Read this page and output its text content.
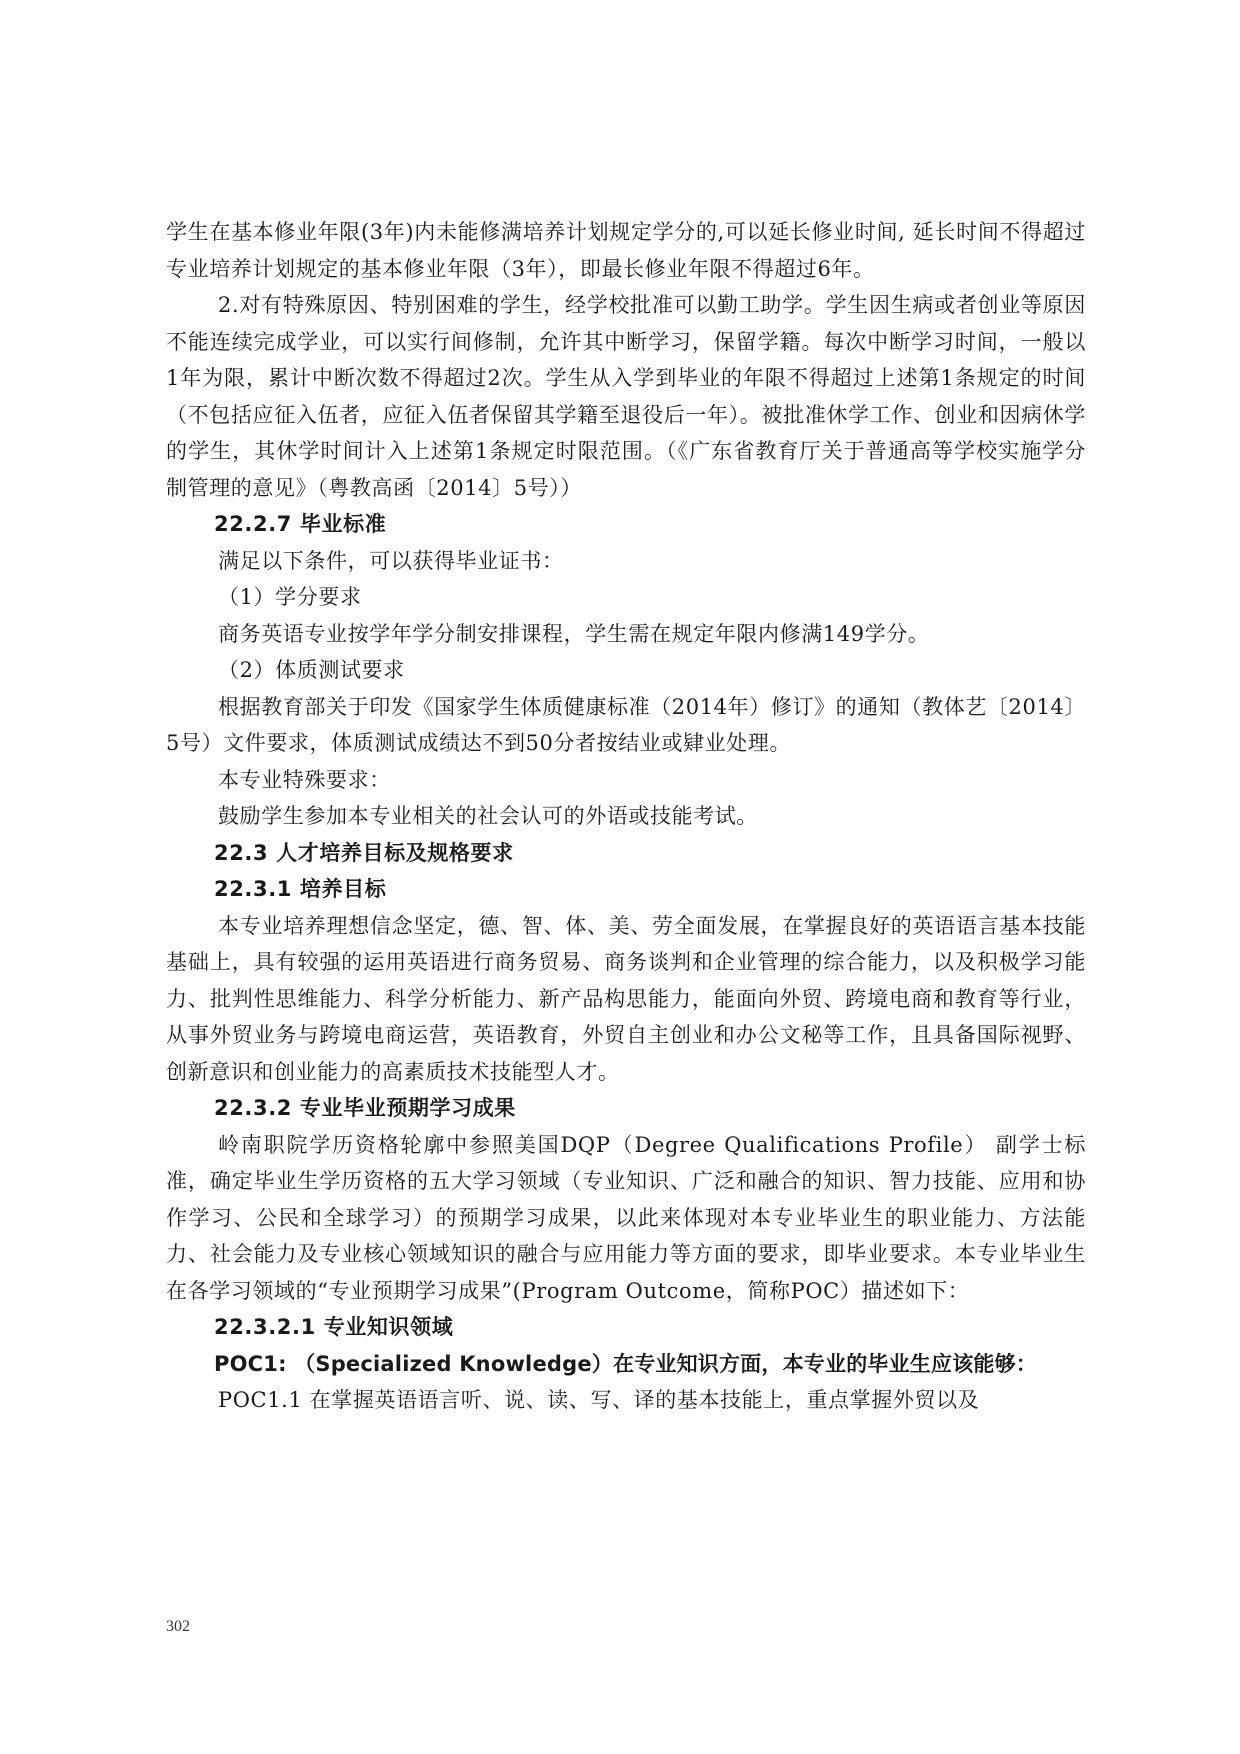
学生在基本修业年限(3年)内未能修满培养计划规定学分的,可以延长修业时间, 延长时间不得超过专业培养计划规定的基本修业年限（3年），即最长修业年限不得超过6年。

2.对有特殊原因、特别困难的学生，经学校批准可以勤工助学。学生因生病或者创业等原因不能连续完成学业，可以实行间修制，允许其中断学习，保留学籍。每次中断学习时间，一般以1年为限，累计中断次数不得超过2次。学生从入学到毕业的年限不得超过上述第1条规定的时间（不包括应征入伍者，应征入伍者保留其学籍至退役后一年）。被批准休学工作、创业和因病休学的学生，其休学时间计入上述第1条规定时限范围。（《广东省教育厅关于普通高等学校实施学分制管理的意见》（粤教高函〔2014〕5号））

22.2.7 毕业标准

满足以下条件，可以获得毕业证书：

（1）学分要求

商务英语专业按学年学分制安排课程，学生需在规定年限内修满149学分。

（2）体质测试要求

根据教育部关于印发《国家学生体质健康标准（2014年）修订》的通知（教体艺〔2014〕5号）文件要求，体质测试成绩达不到50分者按结业或肄业处理。

本专业特殊要求：

鼓励学生参加本专业相关的社会认可的外语或技能考试。

22.3 人才培养目标及规格要求

22.3.1 培养目标

本专业培养理想信念坚定，德、智、体、美、劳全面发展，在掌握良好的英语语言基本技能基础上，具有较强的运用英语进行商务贸易、商务谈判和企业管理的综合能力，以及积极学习能力、批判性思维能力、科学分析能力、新产品构思能力，能面向外贸、跨境电商和教育等行业，从事外贸业务与跨境电商运营，英语教育，外贸自主创业和办公文秘等工作，且具备国际视野、创新意识和创业能力的高素质技术技能型人才。

22.3.2 专业毕业预期学习成果

岭南职院学历资格轮廓中参照美国DQP（Degree Qualifications Profile） 副学士标准，确定毕业生学历资格的五大学习领域（专业知识、广泛和融合的知识、智力技能、应用和协作学习、公民和全球学习）的预期学习成果，以此来体现对本专业毕业生的职业能力、方法能力、社会能力及专业核心领域知识的融合与应用能力等方面的要求，即毕业要求。本专业毕业生在各学习领域的“专业预期学习成果”(Program Outcome，简称POC）描述如下：

22.3.2.1 专业知识领域

POC1: （Specialized Knowledge）在专业知识方面，本专业的毕业生应该能够：

POC1.1 在掌握英语语言听、说、读、写、译的基本技能上，重点掌握外贸以及

302
